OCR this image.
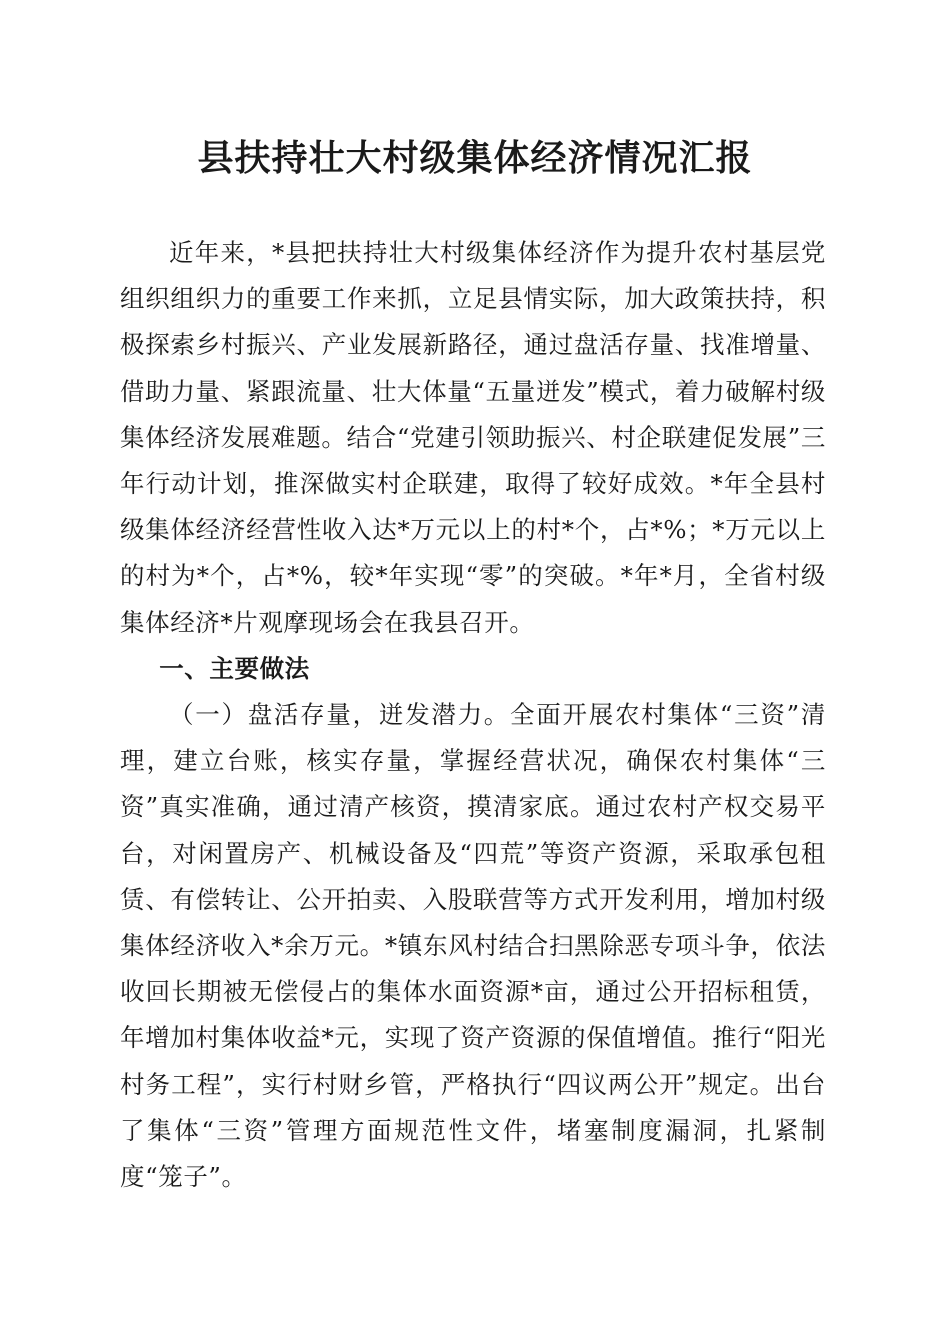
县扶持壮大村级集体经济情况汇报

近年来，*县把扶持壮大村级集体经济作为提升农村基层党组织组织力的重要工作来抓，立足县情实际，加大政策扶持，积极探索乡村振兴、产业发展新路径，通过盘活存量、找准增量、借助力量、紧跟流量、壮大体量“五量迸发”模式，着力破解村级集体经济发展难题。结合“党建引领助振兴、村企联建促发展”三年行动计划，推深做实村企联建，取得了较好成效。*年全县村级集体经济经营性收入达*万元以上的村*个，占*%；*万元以上的村为*个，占*%，较*年实现“零”的突破。*年*月，全省村级集体经济*片观摩现场会在我县召开。

一、主要做法

（一）盘活存量，迸发潜力。全面开展农村集体“三资”清理，建立台账，核实存量，掌握经营状况，确保农村集体“三资”真实准确，通过清产核资，摸清家底。通过农村产权交易平台，对闲置房产、机械设备及“四荒”等资产资源，采取承包租赁、有偿转让、公开拍卖、入股联营等方式开发利用，增加村级集体经济收入*余万元。*镇东风村结合扫黑除恶专项斗争，依法收回长期被无偿侵占的集体水面资源*亩，通过公开招标租赁，年增加村集体收益*元，实现了资产资源的保值增值。推行“阳光村务工程”，实行村财乡管，严格执行“四议两公开”规定。出台了集体“三资”管理方面规范性文件，堵塞制度漏洞，扎紧制度“笼子”。
